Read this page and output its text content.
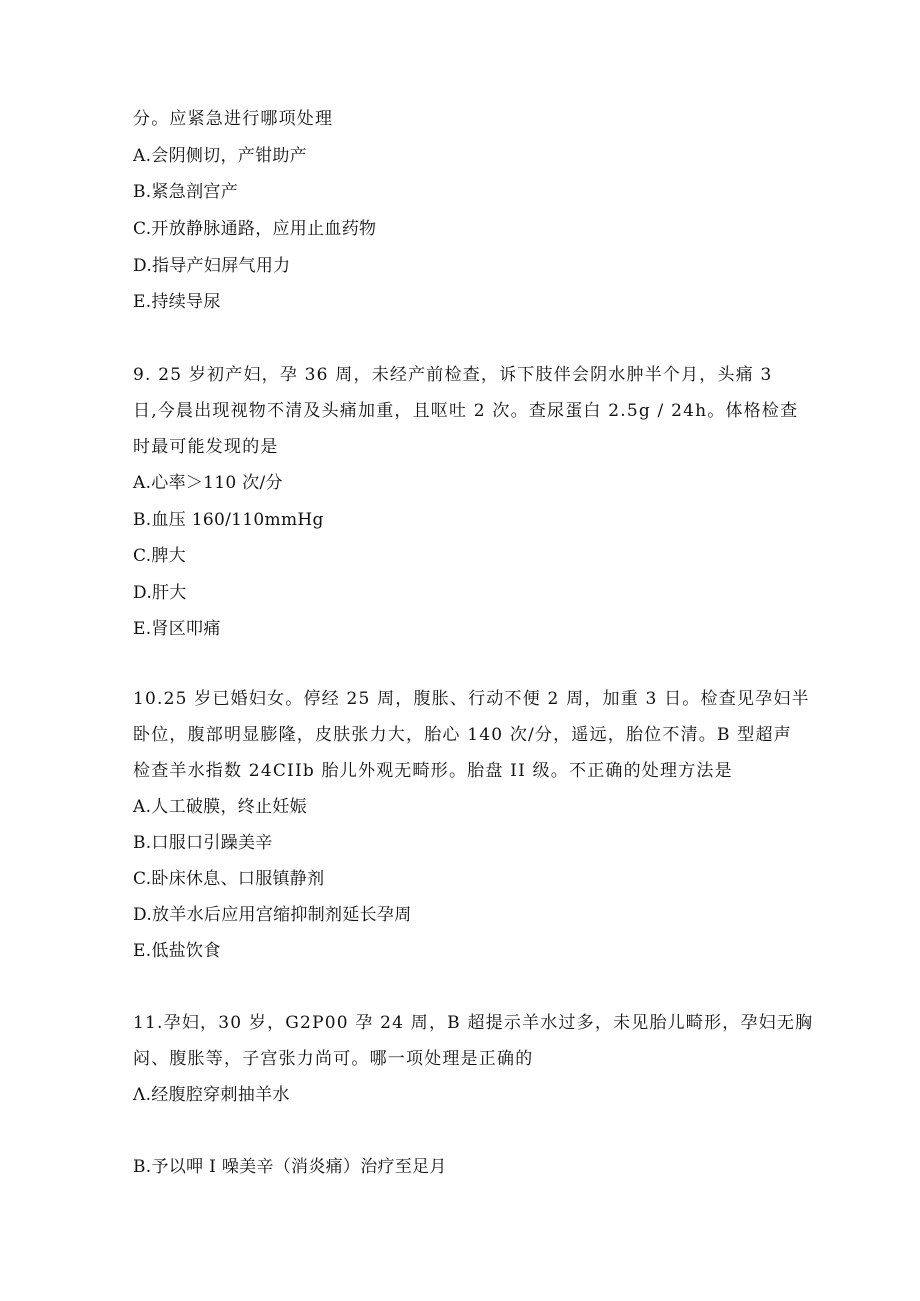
分。应紧急进行哪项处理
A.会阴侧切，产钳助产
B.紧急剖宫产
C.开放静脉通路，应用止血药物
D.指导产妇屏气用力
E.持续导尿
9. 25 岁初产妇，孕 36 周，未经产前检查，诉下肢伴会阴水肿半个月，头痛 3
日,今晨出现视物不清及头痛加重，且呕吐 2 次。查尿蛋白 2.5g / 24h。体格检查
时最可能发现的是
A.心率＞110 次/分
B.血压 160/110mmHg
C.脾大
D.肝大
E.肾区叩痛
10.25 岁已婚妇女。停经 25 周，腹胀、行动不便 2 周，加重 3 日。检查见孕妇半
卧位，腹部明显膨隆，皮肤张力大，胎心 140 次/分，遥远，胎位不清。B 型超声
检查羊水指数 24CIIb 胎儿外观无畸形。胎盘 II 级。不正确的处理方法是
A.人工破膜，终止妊娠
B.口服口引躁美辛
C.卧床休息、口服镇静剂
D.放羊水后应用宫缩抑制剂延长孕周
E.低盐饮食
11.孕妇，30 岁，G2P00 孕 24 周，B 超提示羊水过多，未见胎儿畸形，孕妇无胸
闷、腹胀等，子宫张力尚可。哪一项处理是正确的
Λ.经腹腔穿刺抽羊水
B.予以呷 I 噪美辛（消炎痛）治疗至足月
